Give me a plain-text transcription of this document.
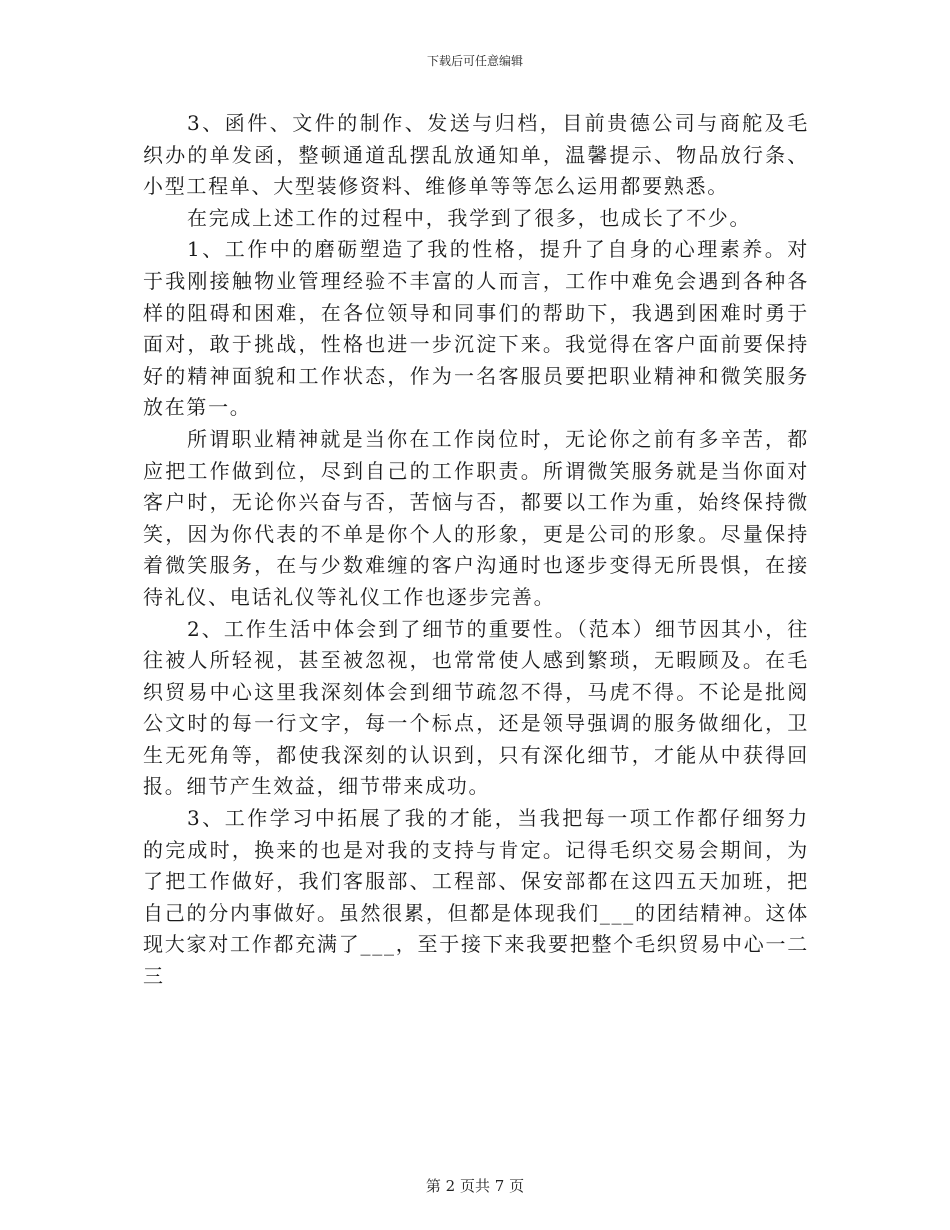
下载后可任意编辑

3、函件、文件的制作、发送与归档，目前贵德公司与商舵及毛织办的单发函，整顿通道乱摆乱放通知单，温馨提示、物品放行条、小型工程单、大型装修资料、维修单等等怎么运用都要熟悉。

在完成上述工作的过程中，我学到了很多，也成长了不少。

1、工作中的磨砺塑造了我的性格，提升了自身的心理素养。对于我刚接触物业管理经验不丰富的人而言，工作中难免会遇到各种各样的阻碍和困难，在各位领导和同事们的帮助下，我遇到困难时勇于面对，敢于挑战，性格也进一步沉淀下来。我觉得在客户面前要保持好的精神面貌和工作状态，作为一名客服员要把职业精神和微笑服务放在第一。

所谓职业精神就是当你在工作岗位时，无论你之前有多辛苦，都应把工作做到位，尽到自己的工作职责。所谓微笑服务就是当你面对客户时，无论你兴奋与否，苦恼与否，都要以工作为重，始终保持微笑，因为你代表的不单是你个人的形象，更是公司的形象。尽量保持着微笑服务，在与少数难缠的客户沟通时也逐步变得无所畏惧，在接待礼仪、电话礼仪等礼仪工作也逐步完善。

2、工作生活中体会到了细节的重要性。（范本）细节因其小，往往被人所轻视，甚至被忽视，也常常使人感到繁琐，无暇顾及。在毛织贸易中心这里我深刻体会到细节疏忽不得，马虎不得。不论是批阅公文时的每一行文字，每一个标点，还是领导强调的服务做细化，卫生无死角等，都使我深刻的认识到，只有深化细节，才能从中获得回报。细节产生效益，细节带来成功。

3、工作学习中拓展了我的才能，当我把每一项工作都仔细努力的完成时，换来的也是对我的支持与肯定。记得毛织交易会期间，为了把工作做好，我们客服部、工程部、保安部都在这四五天加班，把自己的分内事做好。虽然很累，但都是体现我们___的团结精神。这体现大家对工作都充满了___，至于接下来我要把整个毛织贸易中心一二三

第 2 页共 7 页
